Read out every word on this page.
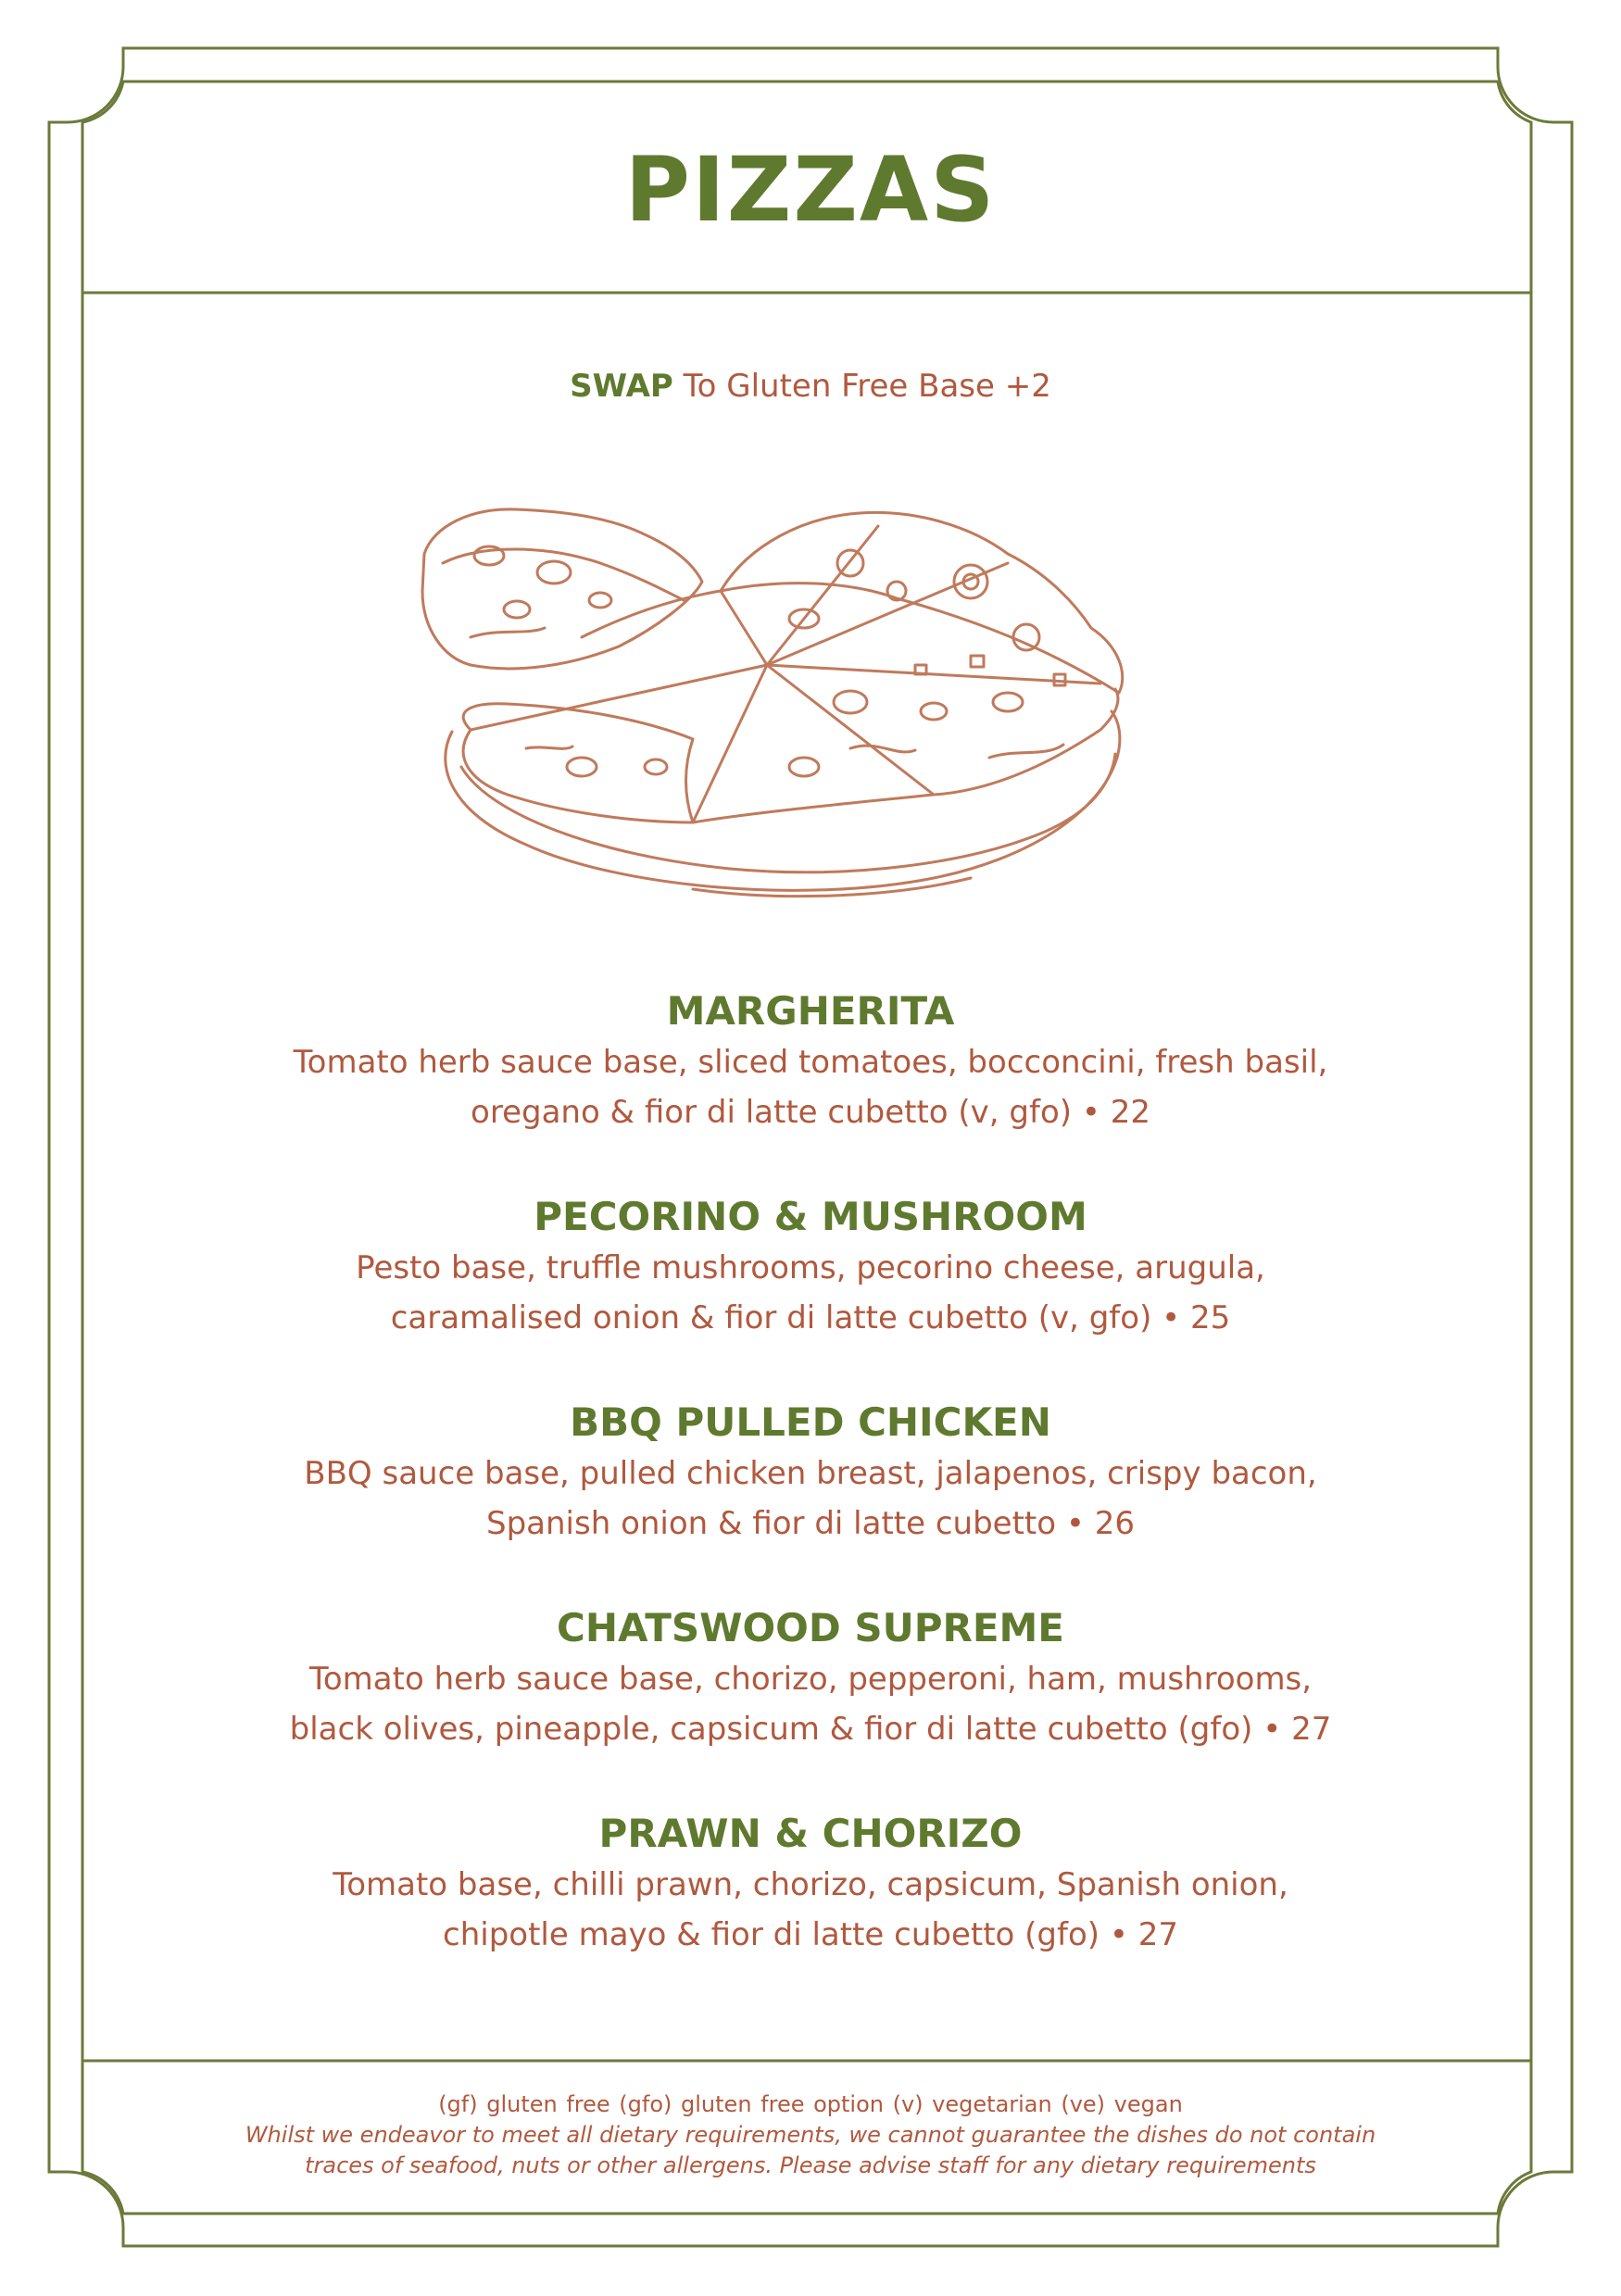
PIZZAS
SWAP To Gluten Free Base +2
MARGHERITA
Tomato herb sauce base, sliced tomatoes, bocconcini, fresh basil,
oregano & fior di latte cubetto (v, gfo) • 22
PECORINO & MUSHROOM
Pesto base, truffle mushrooms, pecorino cheese, arugula,
caramalised onion & fior di latte cubetto (v, gfo) • 25
BBQ PULLED CHICKEN
BBQ sauce base, pulled chicken breast, jalapenos, crispy bacon,
Spanish onion & fior di latte cubetto • 26
CHATSWOOD SUPREME
Tomato herb sauce base, chorizo, pepperoni, ham, mushrooms,
black olives, pineapple, capsicum & fior di latte cubetto (gfo) • 27
PRAWN & CHORIZO
Tomato base, chilli prawn, chorizo, capsicum, Spanish onion,
chipotle mayo & fior di latte cubetto (gfo) • 27
(gf) gluten free (gfo) gluten free option (v) vegetarian (ve) vegan
Whilst we endeavor to meet all dietary requirements, we cannot guarantee the dishes do not contain
traces of seafood, nuts or other allergens. Please advise staff for any dietary requirements
